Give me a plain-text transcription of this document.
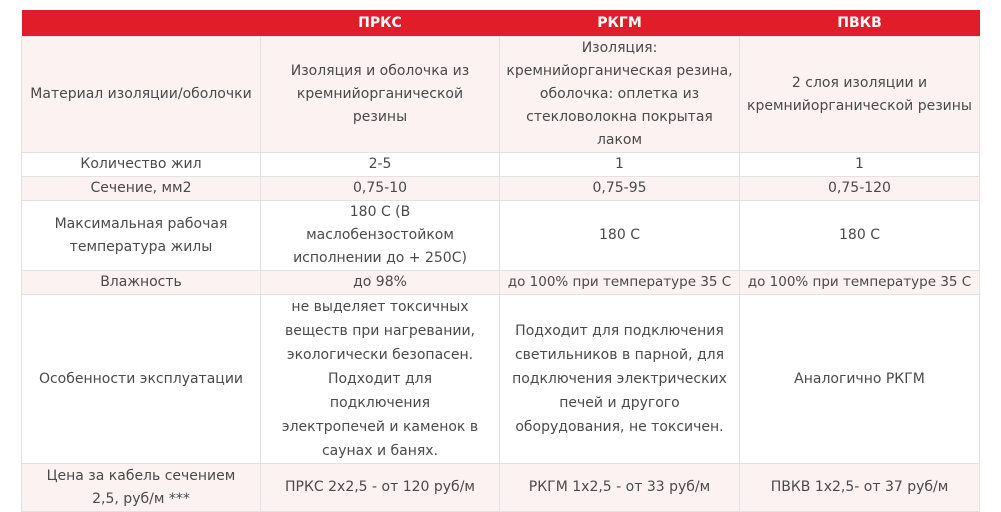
	ПРКС	РКГМ	ПВКВ
Материал изоляции/оболочки	Изоляция и оболочка из кремнийорганической резины	Изоляция: кремнийорганическая резина, оболочка: оплетка из стекловолокна покрытая лаком	2 слоя изоляции и кремнийорганической резины
Количество жил	2-5	1	1
Сечение, мм2	0,75-10	0,75-95	0,75-120
Максимальная рабочая температура жилы	180 С (В маслобензостойком исполнении до + 250С)	180 С	180 С
Влажность	до 98%	до 100% при температуре 35 С	до 100% при температуре 35 С
Особенности эксплуатации	не выделяет токсичных веществ при нагревании, экологически безопасен. Подходит для подключения электропечей и каменок в саунах и банях.	Подходит для подключения светильников в парной, для подключения электрических печей и другого оборудования, не токсичен.	Аналогично РКГМ
Цена за кабель сечением 2,5, руб/м ***	ПРКС 2х2,5 - от 120 руб/м	РКГМ 1х2,5 - от 33 руб/м	ПВКВ 1х2,5- от 37 руб/м
